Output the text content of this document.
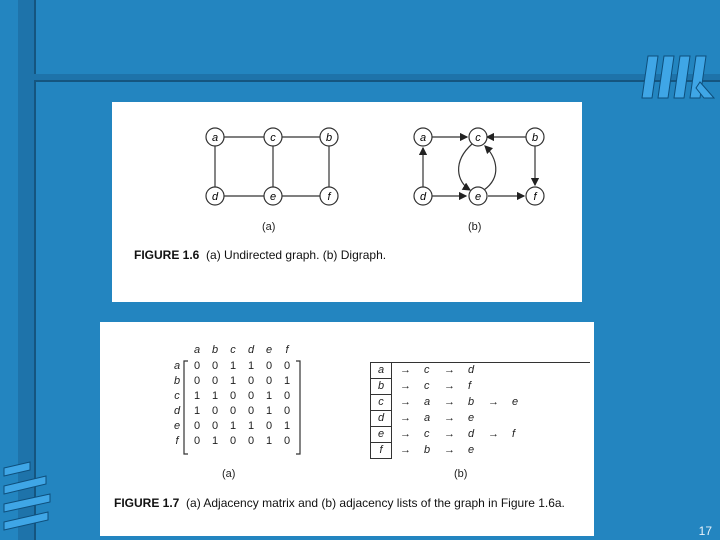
a	c	b
d	e	f
a	c	b
d	e	f
(a)	(b)
FIGURE 1.6 (a) Undirected graph. (b) Digraph.
a	b	c	d	e	f
a	0	0	1	1	0	0
b	0	0	1	0	0	1
c	1	1	0	0	1	0
d	1	0	0	0	1	0
e	0	0	1	1	0	1
f	0	1	0	0	1	0
a	→ c → d
b	→ c → f
c	→ a → b → e
d	→ a → e
e	→ c → d → f
f	→ b → e
(a)	(b)
FIGURE 1.7 (a) Adjacency matrix and (b) adjacency lists of the graph in Figure 1.6a.
17
